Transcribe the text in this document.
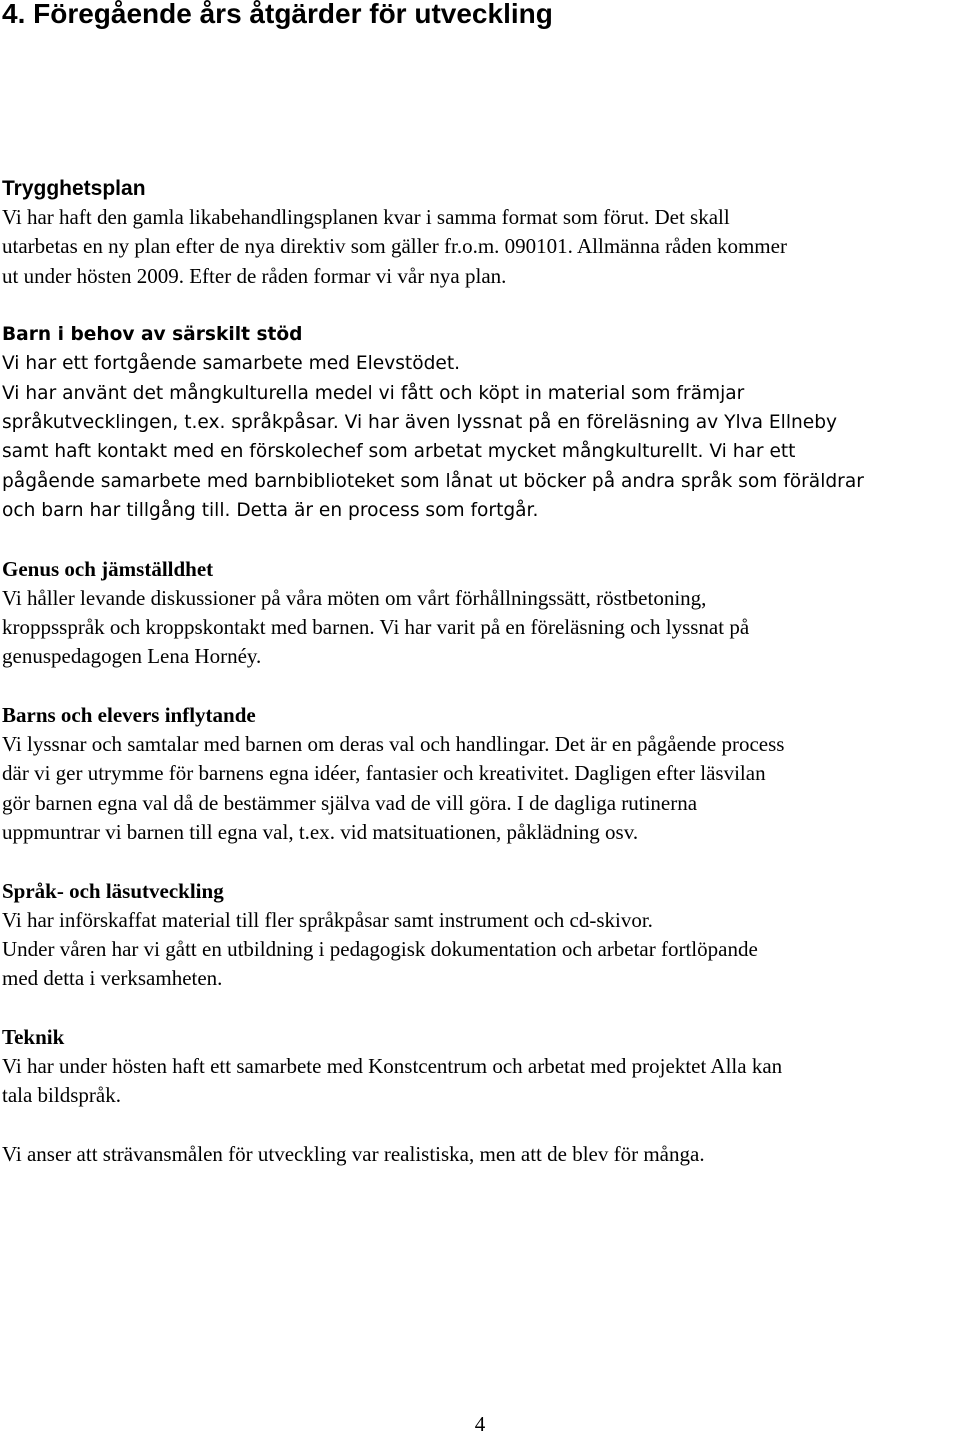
4. Föregående års åtgärder för utveckling
Trygghetsplan

Vi har haft den gamla likabehandlingsplanen kvar i samma format som förut. Det skall
utarbetas en ny plan efter de nya direktiv som gäller fr.o.m. 090101. Allmänna råden kommer
ut under hösten 2009. Efter de råden formar vi vår nya plan.

Barn i behov av särskilt stöd

Vi har ett fortgående samarbete med Elevstödet.
Vi har använt det mångkulturella medel vi fått och köpt in material som främjar
språkutvecklingen, t.ex. språkpåsar. Vi har även lyssnat på en föreläsning av Ylva Ellneby
samt haft kontakt med en förskolechef som arbetat mycket mångkulturellt. Vi har ett
pågående samarbete med barnbiblioteket som lånat ut böcker på andra språk som föräldrar
och barn har tillgång till. Detta är en process som fortgår.

Genus och jämställdhet

Vi håller levande diskussioner på våra möten om vårt förhållningssätt, röstbetoning,
kroppsspråk och kroppskontakt med barnen. Vi har varit på en föreläsning och lyssnat på
genuspedagogen Lena Hornéy.

Barns och elevers inflytande

Vi lyssnar och samtalar med barnen om deras val och handlingar. Det är en pågående process
där vi ger utrymme för barnens egna idéer, fantasier och kreativitet. Dagligen efter läsvilan
gör barnen egna val då de bestämmer själva vad de vill göra. I de dagliga rutinerna
uppmuntrar vi barnen till egna val, t.ex. vid matsituationen, påklädning osv.

Språk- och läsutveckling

Vi har införskaffat material till fler språkpåsar samt instrument och cd-skivor.
Under våren har vi gått en utbildning i pedagogisk dokumentation och arbetar fortlöpande
med detta i verksamheten.

Teknik

Vi har under hösten haft ett samarbete med Konstcentrum och arbetat med projektet Alla kan
tala bildspråk.

Vi anser att strävansmålen för utveckling var realistiska, men att de blev för många.

4
